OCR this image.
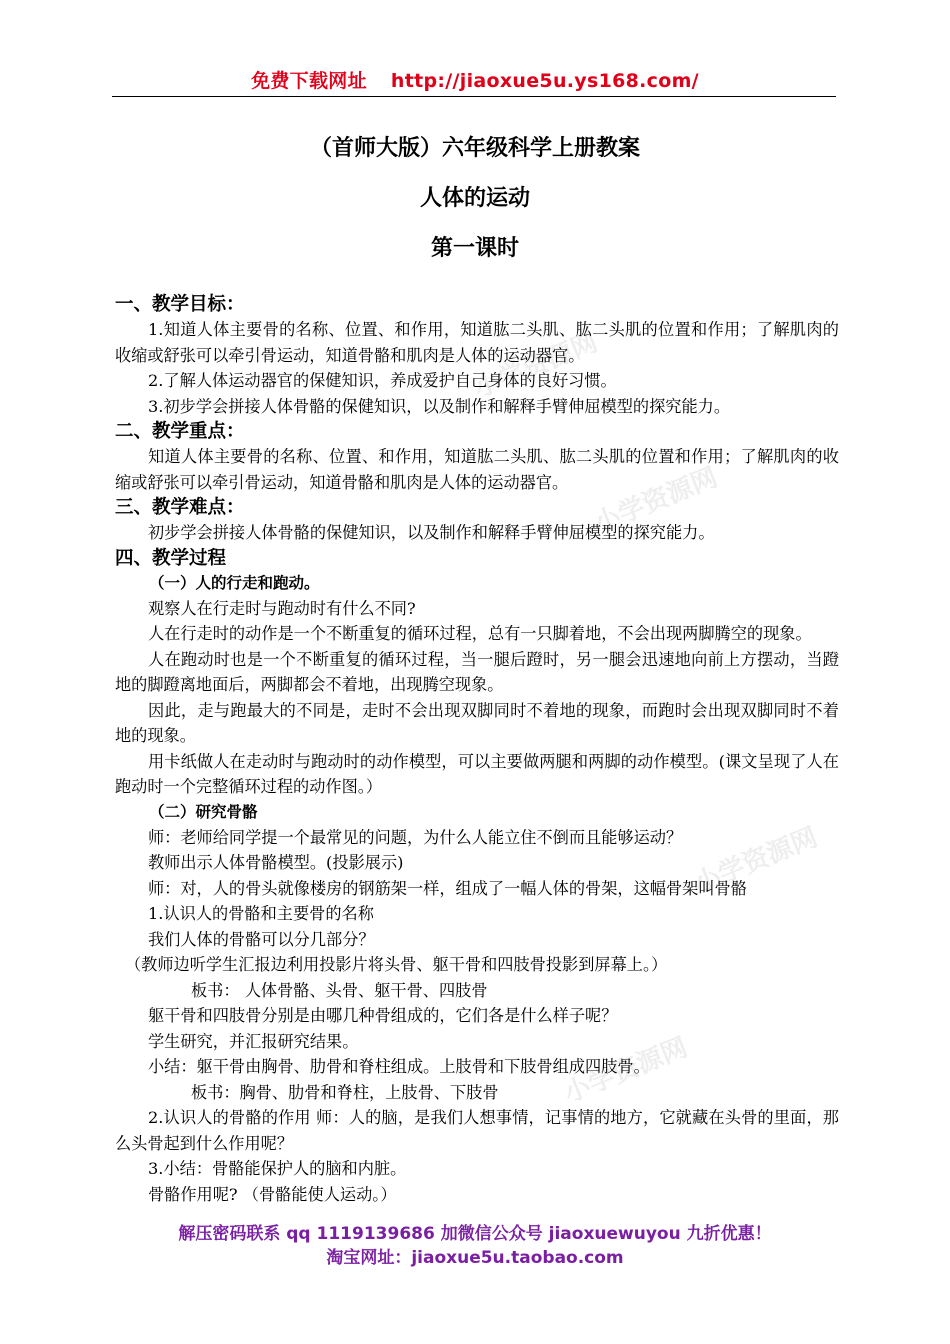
免费下载网址 http://jiaoxue5u.ys168.com/
（首师大版）六年级科学上册教案
人体的运动
第一课时
小学资源网
小学资源网
小学资源网
小学资源网
一、教学目标：
1.知道人体主要骨的名称、位置、和作用，知道肱二头肌、肱二头肌的位置和作用；了解肌肉的收缩或舒张可以牵引骨运动，知道骨骼和肌肉是人体的运动器官。
2.了解人体运动器官的保健知识，养成爱护自己身体的良好习惯。
3.初步学会拼接人体骨骼的保健知识，以及制作和解释手臂伸屈模型的探究能力。
二、教学重点：
知道人体主要骨的名称、位置、和作用，知道肱二头肌、肱二头肌的位置和作用；了解肌肉的收缩或舒张可以牵引骨运动，知道骨骼和肌肉是人体的运动器官。
三、教学难点：
初步学会拼接人体骨骼的保健知识，以及制作和解释手臂伸屈模型的探究能力。
四、教学过程
（一）人的行走和跑动。
观察人在行走时与跑动时有什么不同?
人在行走时的动作是一个不断重复的循环过程，总有一只脚着地，不会出现两脚腾空的现象。
人在跑动时也是一个不断重复的循环过程，当一腿后蹬时，另一腿会迅速地向前上方摆动，当蹬地的脚蹬离地面后，两脚都会不着地，出现腾空现象。
因此，走与跑最大的不同是，走时不会出现双脚同时不着地的现象，而跑时会出现双脚同时不着地的现象。
用卡纸做人在走动时与跑动时的动作模型，可以主要做两腿和两脚的动作模型。(课文呈现了人在跑动时一个完整循环过程的动作图。）
（二）研究骨骼
师：老师给同学提一个最常见的问题，为什么人能立住不倒而且能够运动？
教师出示人体骨骼模型。(投影展示)
师：对，人的骨头就像楼房的钢筋架一样，组成了一幅人体的骨架，这幅骨架叫骨骼
1.认识人的骨骼和主要骨的名称
我们人体的骨骼可以分几部分？
（教师边听学生汇报边利用投影片将头骨、躯干骨和四肢骨投影到屏幕上。）
板书： 人体骨骼、头骨、躯干骨、四肢骨
躯干骨和四肢骨分别是由哪几种骨组成的，它们各是什么样子呢？
学生研究，并汇报研究结果。
小结：躯干骨由胸骨、肋骨和脊柱组成。上肢骨和下肢骨组成四肢骨。
板书：胸骨、肋骨和脊柱，上肢骨、下肢骨
2.认识人的骨骼的作用 师：人的脑，是我们人想事情，记事情的地方，它就藏在头骨的里面，那么头骨起到什么作用呢？
3.小结：骨骼能保护人的脑和内脏。
骨骼作用呢? （骨骼能使人运动。）
解压密码联系 qq 1119139686 加微信公众号 jiaoxuewuyou 九折优惠！
淘宝网址：jiaoxue5u.taobao.com
